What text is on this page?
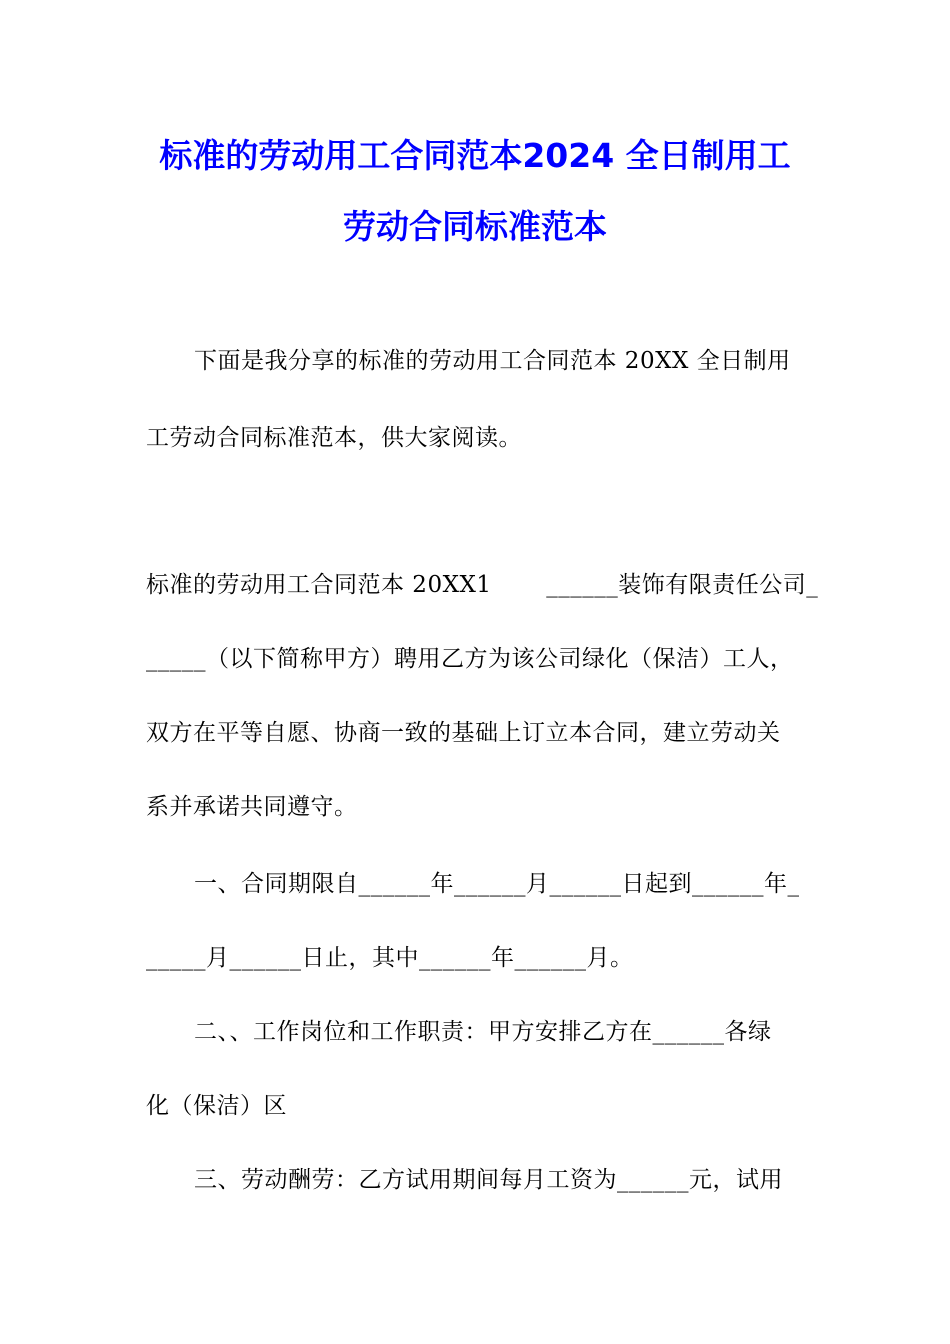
标准的劳动用工合同范本2024 全日制用工
劳动合同标准范本
下面是我分享的标准的劳动用工合同范本 20XX 全日制用
工劳动合同标准范本，供大家阅读。
标准的劳动用工合同范本 20XX1　　 ______装饰有限责任公司_
_____（以下简称甲方）聘用乙方为该公司绿化（保洁）工人，
双方在平等自愿、协商一致的基础上订立本合同，建立劳动关
系并承诺共同遵守。
一、合同期限自______年______月______日起到______年_
_____月______日止，其中______年______月。
二、、工作岗位和工作职责：甲方安排乙方在______各绿
化（保洁）区
三、劳动酬劳：乙方试用期间每月工资为______元，试用
